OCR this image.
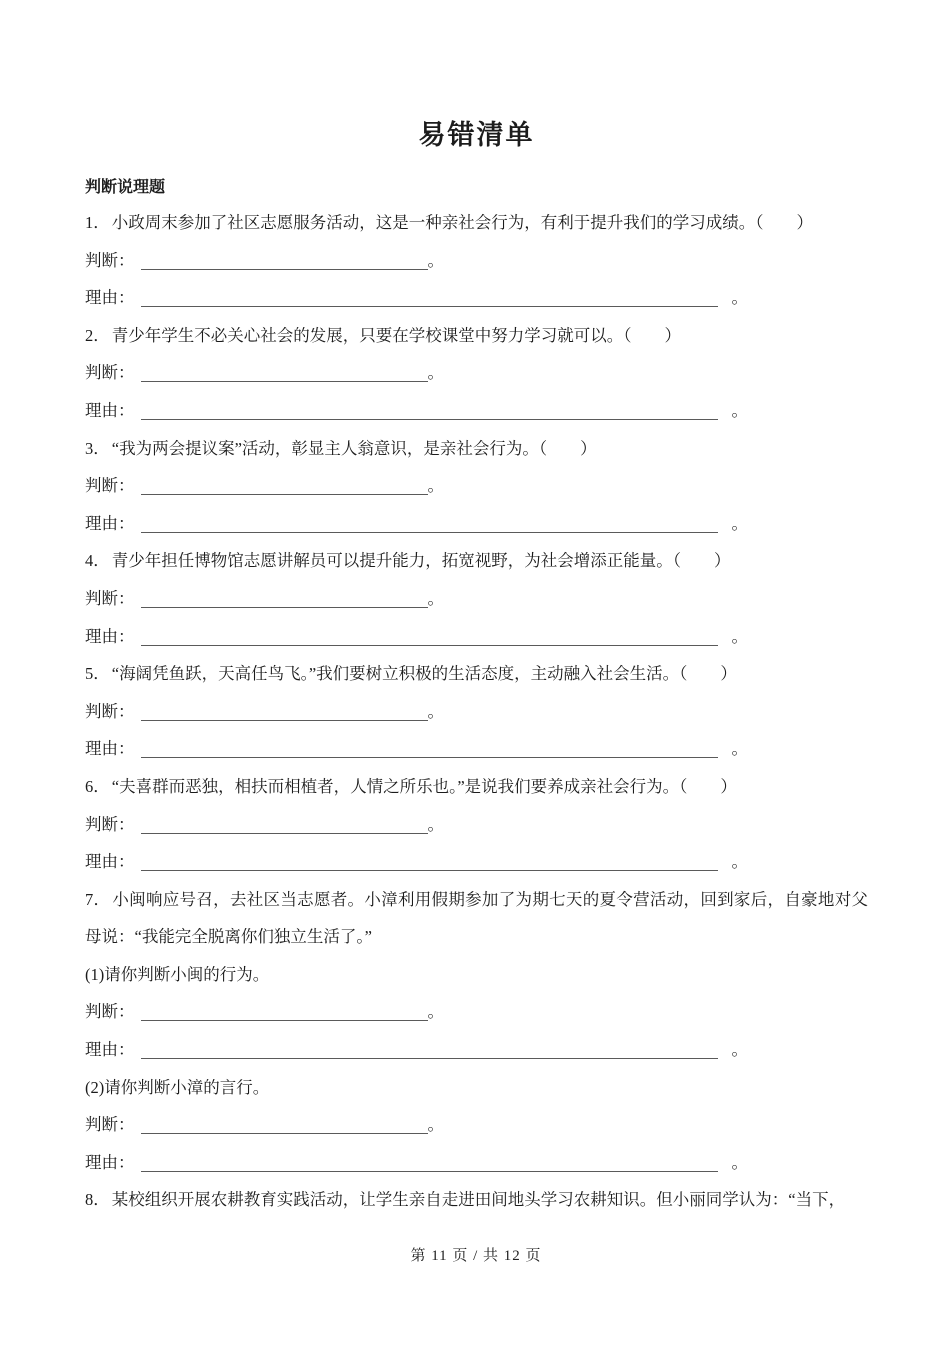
易错清单

判断说理题

1． 小政周末参加了社区志愿服务活动，这是一种亲社会行为，有利于提升我们的学习成绩。（　　）

判断：	。

理由：	。

2． 青少年学生不必关心社会的发展，只要在学校课堂中努力学习就可以。（　　）

判断：	。

理由：	。

3． “我为两会提议案”活动，彰显主人翁意识，是亲社会行为。（　　）

判断：	。

理由：	。

4． 青少年担任博物馆志愿讲解员可以提升能力，拓宽视野，为社会增添正能量。（　　）

判断：	。

理由：	。

5． “海阔凭鱼跃，天高任鸟飞。”我们要树立积极的生活态度，主动融入社会生活。（　　）

判断：	。

理由：	。

6． “夫喜群而恶独，相扶而相植者，人情之所乐也。”是说我们要养成亲社会行为。（　　）

判断：	。

理由：	。

7． 小闽响应号召，去社区当志愿者。小漳利用假期参加了为期七天的夏令营活动，回到家后，自豪地对父母说：“我能完全脱离你们独立生活了。”

(1)请你判断小闽的行为。

判断：	。

理由：	。

(2)请你判断小漳的言行。

判断：	。

理由：	。

8． 某校组织开展农耕教育实践活动，让学生亲自走进田间地头学习农耕知识。但小丽同学认为：“当下，

第 11 页 / 共 12 页
